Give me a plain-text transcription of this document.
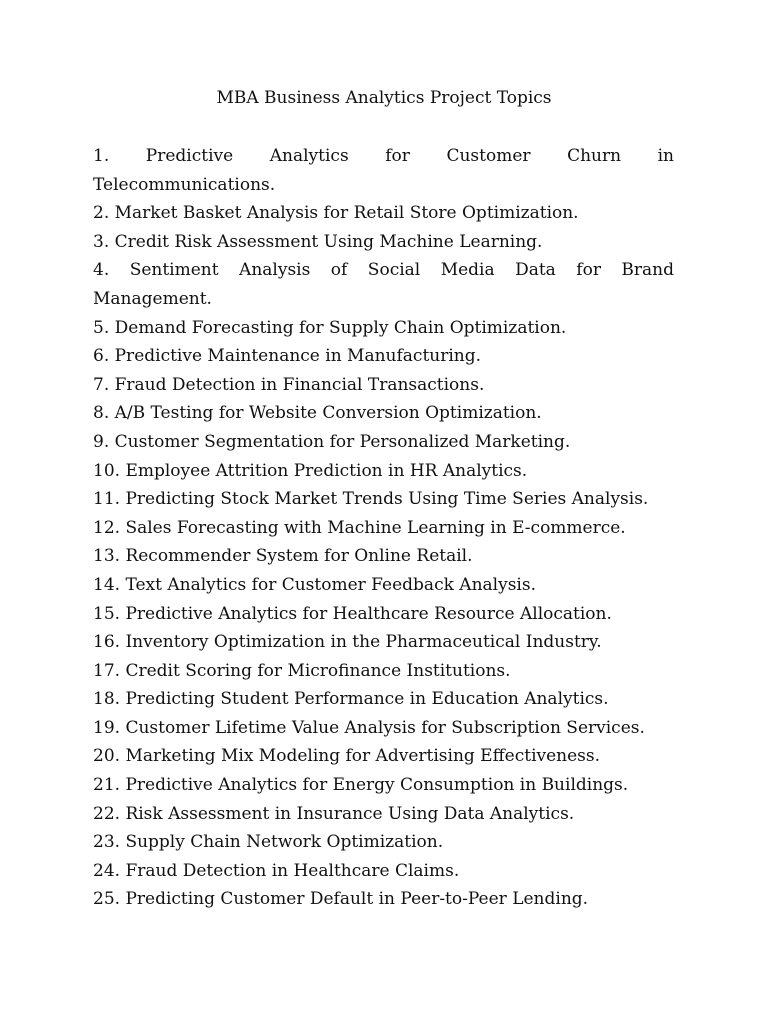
MBA Business Analytics Project Topics
1. Predictive Analytics for Customer Churn in Telecommunications.
2. Market Basket Analysis for Retail Store Optimization.
3. Credit Risk Assessment Using Machine Learning.
4. Sentiment Analysis of Social Media Data for Brand Management.
5. Demand Forecasting for Supply Chain Optimization.
6. Predictive Maintenance in Manufacturing.
7. Fraud Detection in Financial Transactions.
8. A/B Testing for Website Conversion Optimization.
9. Customer Segmentation for Personalized Marketing.
10. Employee Attrition Prediction in HR Analytics.
11. Predicting Stock Market Trends Using Time Series Analysis.
12. Sales Forecasting with Machine Learning in E-commerce.
13. Recommender System for Online Retail.
14. Text Analytics for Customer Feedback Analysis.
15. Predictive Analytics for Healthcare Resource Allocation.
16. Inventory Optimization in the Pharmaceutical Industry.
17. Credit Scoring for Microfinance Institutions.
18. Predicting Student Performance in Education Analytics.
19. Customer Lifetime Value Analysis for Subscription Services.
20. Marketing Mix Modeling for Advertising Effectiveness.
21. Predictive Analytics for Energy Consumption in Buildings.
22. Risk Assessment in Insurance Using Data Analytics.
23. Supply Chain Network Optimization.
24. Fraud Detection in Healthcare Claims.
25. Predicting Customer Default in Peer-to-Peer Lending.
